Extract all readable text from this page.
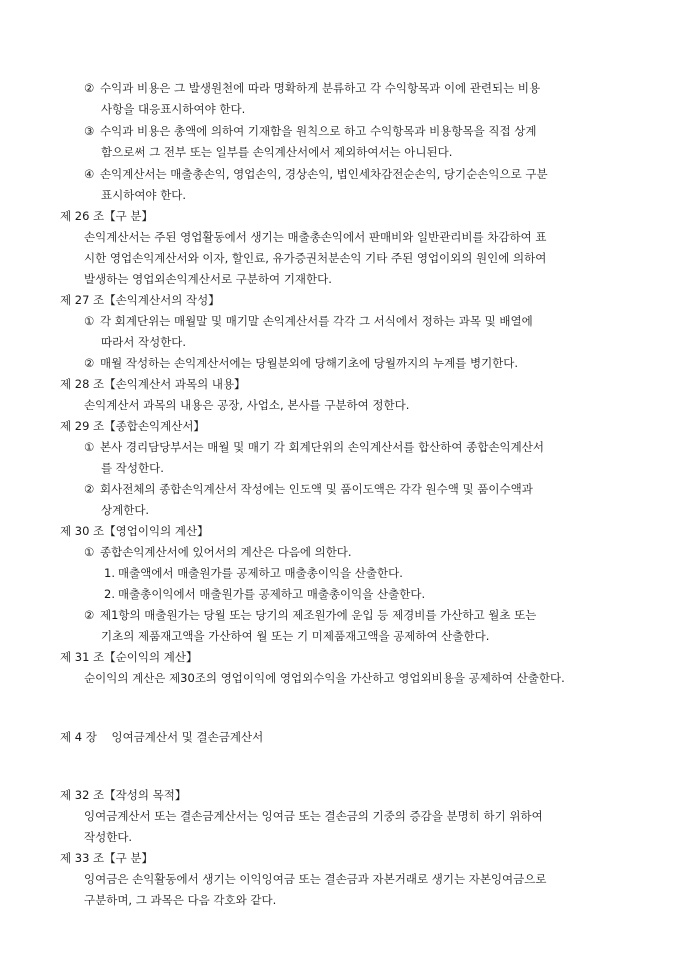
② 수익과 비용은 그 발생원천에 따라 명확하게 분류하고 각 수익항목과 이에 관련되는 비용
사항을 대응표시하여야 한다.
③ 수익과 비용은 총액에 의하여 기재함을 원칙으로 하고 수익항목과 비용항목을 직접 상계
함으로써 그 전부 또는 일부를 손익계산서에서 제외하여서는 아니된다.
④ 손익계산서는 매출총손익, 영업손익, 경상손익, 법인세차감전순손익, 당기순손익으로 구분
표시하여야 한다.
제 26 조【구 분】
손익계산서는 주된 영업활동에서 생기는 매출총손익에서 판매비와 일반관리비를 차감하여 표
시한 영업손익계산서와 이자, 할인료, 유가증권처분손익 기타 주된 영업이외의 원인에 의하여
발생하는 영업외손익계산서로 구분하여 기재한다.
제 27 조【손익계산서의 작성】
① 각 회계단위는 매월말 및 매기말 손익계산서를 각각 그 서식에서 정하는 과목 및 배열에
따라서 작성한다.
② 매월 작성하는 손익계산서에는 당월분외에 당해기초에 당월까지의 누계를 병기한다.
제 28 조【손익계산서 과목의 내용】
손익계산서 과목의 내용은 공장, 사업소, 본사를 구분하여 정한다.
제 29 조【종합손익계산서】
① 본사 경리담당부서는 매월 및 매기 각 회계단위의 손익계산서를 합산하여 종합손익계산서
를 작성한다.
② 회사전체의 종합손익계산서 작성에는 인도액 및 품이도액은 각각 원수액 및 품이수액과
상계한다.
제 30 조【영업이익의 계산】
① 종합손익계산서에 있어서의 계산은 다음에 의한다.
1. 매출액에서 매출원가를 공제하고 매출총이익을 산출한다.
2. 매출총이익에서 매출원가를 공제하고 매출총이익을 산출한다.
② 제1항의 매출원가는 당월 또는 당기의 제조원가에 운입 등 제경비를 가산하고 월초 또는
기초의 제품재고액을 가산하여 월 또는 기 미제품재고액을 공제하여 산출한다.
제 31 조【순이익의 계산】
순이익의 계산은 제30조의 영업이익에 영업외수익을 가산하고 영업외비용을 공제하여 산출한다.
제 4 장    잉여금계산서 및 결손금계산서
제 32 조【작성의 목적】
잉여금계산서 또는 결손금계산서는 잉여금 또는 결손금의 기중의 증감을 분명히 하기 위하여
작성한다.
제 33 조【구 분】
잉여금은 손익활동에서 생기는 이익잉여금 또는 결손금과 자본거래로 생기는 자본잉여금으로
구분하며, 그 과목은 다음 각호와 같다.
